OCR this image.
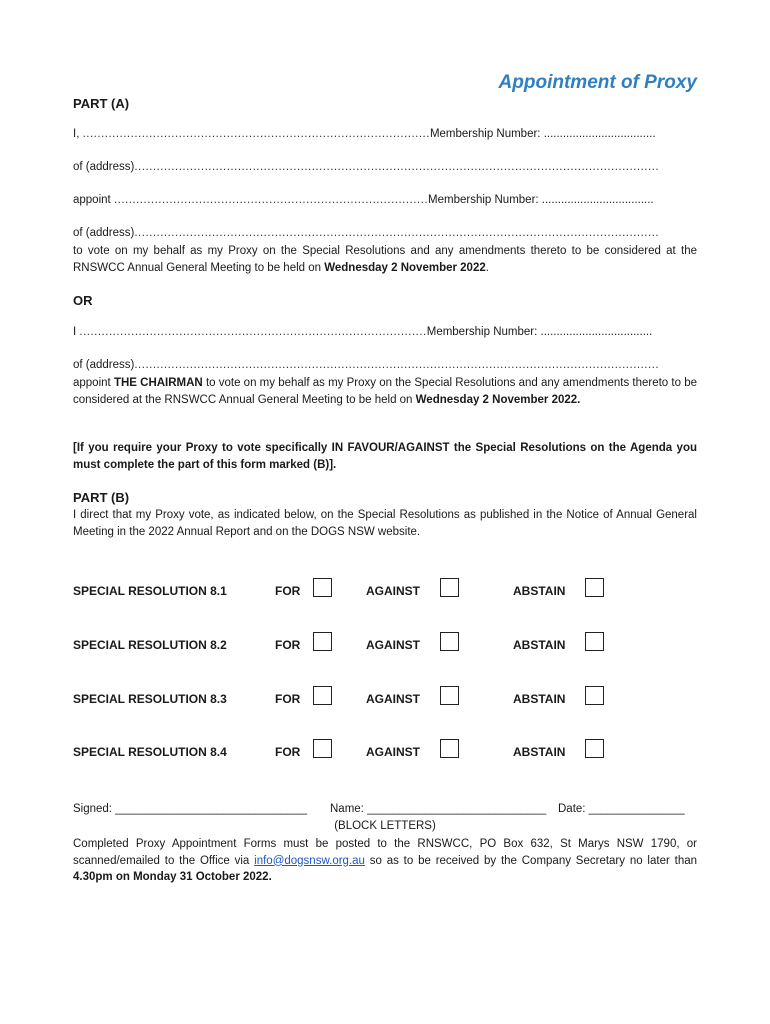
Appointment of Proxy
PART (A)
I, ..............................................................................................Membership Number: ...................................
of (address)..............................................................................................................................................
appoint .....................................................................................Membership Number: ...................................
of (address)..............................................................................................................................................
to vote on my behalf as my Proxy on the Special Resolutions and any amendments thereto to be considered at the RNSWCC Annual General Meeting to be held on Wednesday 2 November 2022.
OR
I ..............................................................................................Membership Number: ...................................
of (address)..............................................................................................................................................
appoint THE CHAIRMAN to vote on my behalf as my Proxy on the Special Resolutions and any amendments thereto to be considered at the RNSWCC Annual General Meeting to be held on Wednesday 2 November 2022.
[If you require your Proxy to vote specifically IN FAVOUR/AGAINST the Special Resolutions on the Agenda you must complete the part of this form marked (B)].
PART (B)
I direct that my Proxy vote, as indicated below, on the Special Resolutions as published in the Notice of Annual General Meeting in the 2022 Annual Report and on the DOGS NSW website.
SPECIAL RESOLUTION 8.1	FOR	AGAINST	ABSTAIN
SPECIAL RESOLUTION 8.2	FOR	AGAINST	ABSTAIN
SPECIAL RESOLUTION 8.3	FOR	AGAINST	ABSTAIN
SPECIAL RESOLUTION 8.4	FOR	AGAINST	ABSTAIN
Signed: ______________________________ Name: ____________________________ Date: _______________
(BLOCK LETTERS)
Completed Proxy Appointment Forms must be posted to the RNSWCC, PO Box 632, St Marys NSW 1790, or scanned/emailed to the Office via info@dogsnsw.org.au so as to be received by the Company Secretary no later than 4.30pm on Monday 31 October 2022.
